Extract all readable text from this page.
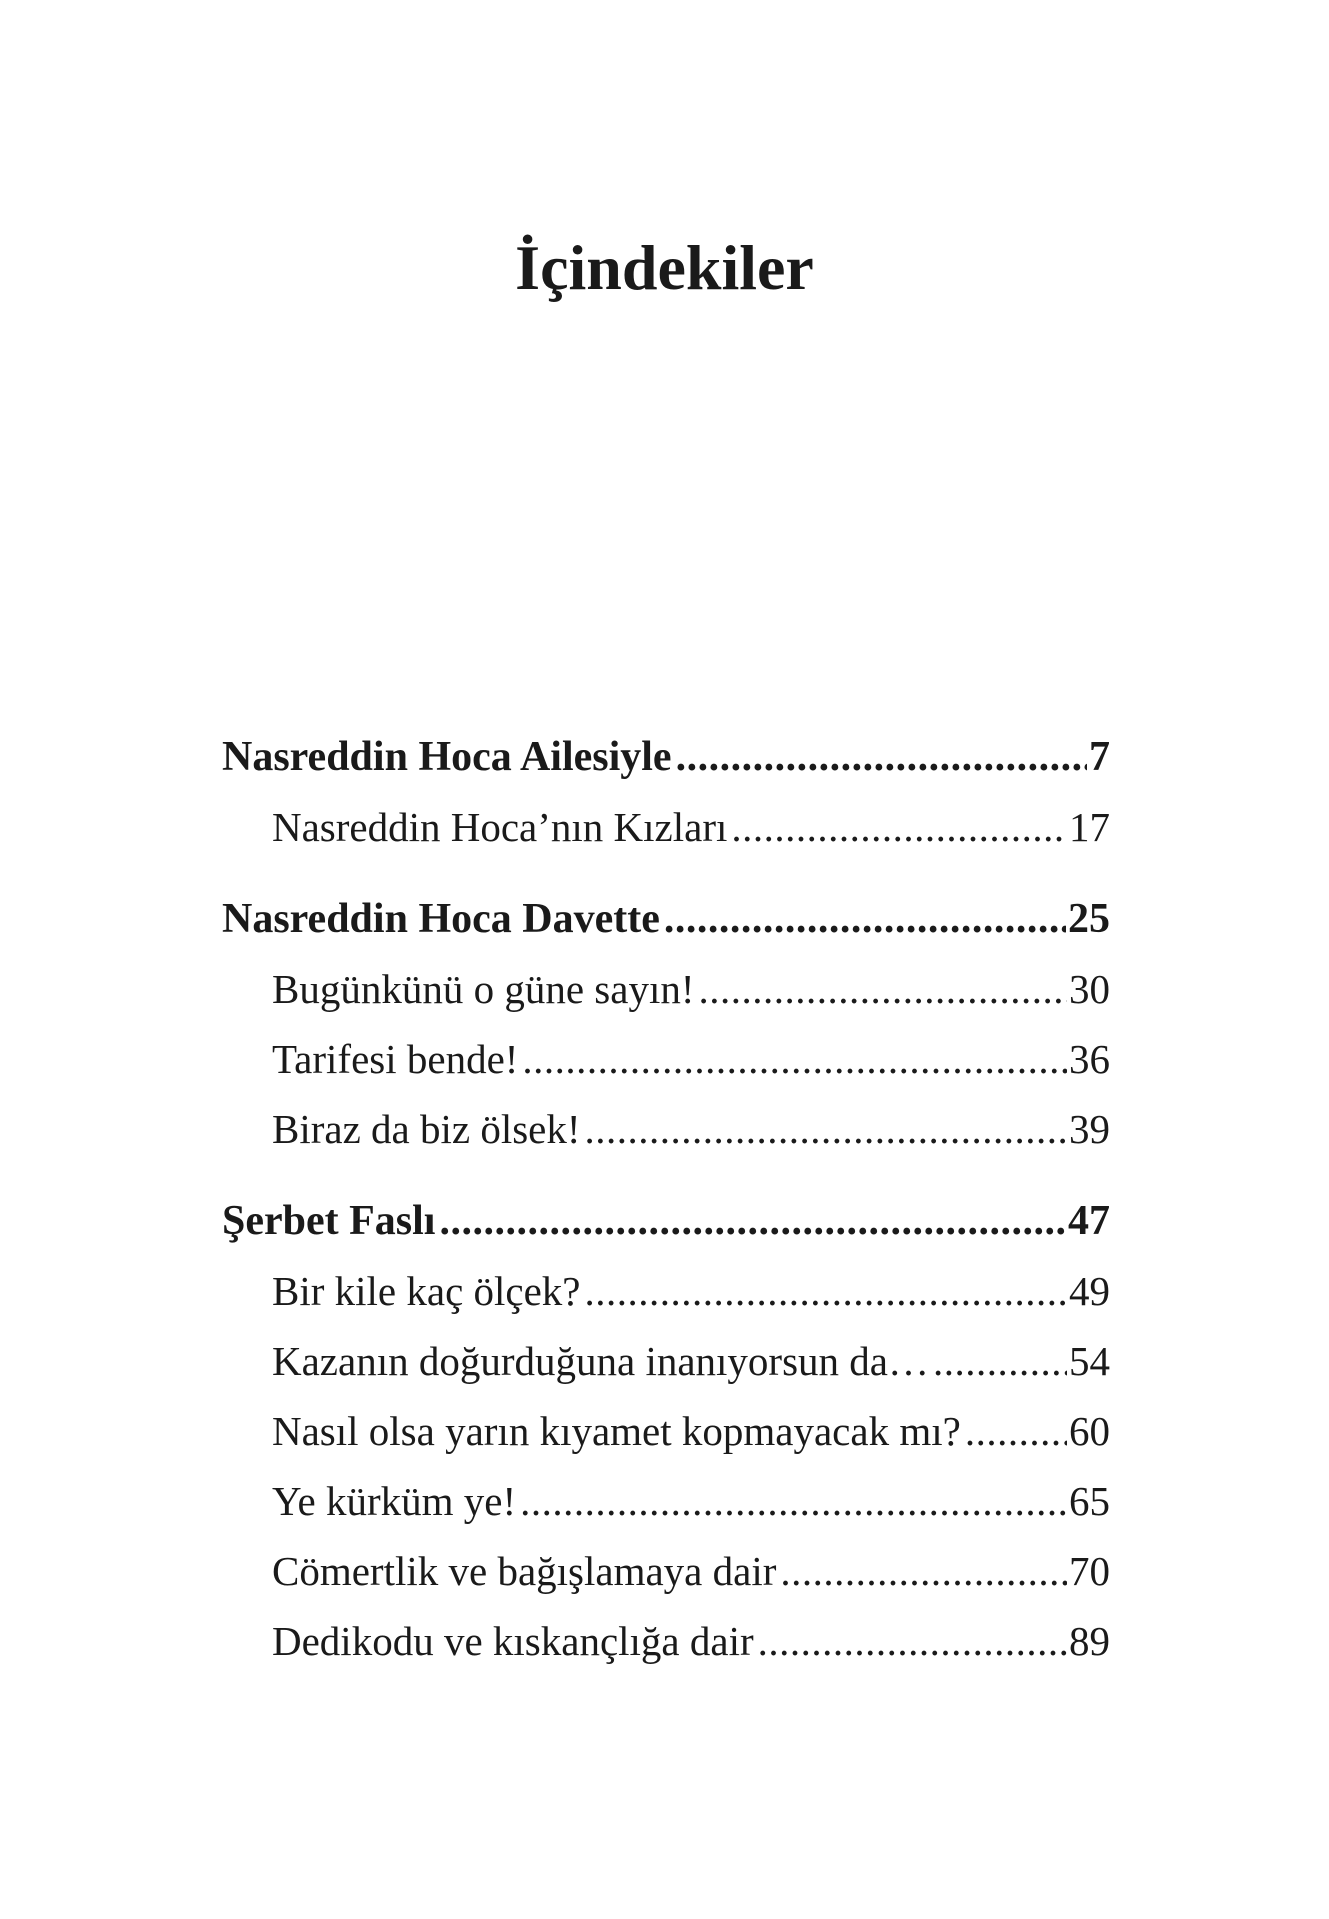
İçindekiler
Nasreddin Hoca Ailesiyle .....	7
Nasreddin Hoca’nın Kızları .....	17
Nasreddin Hoca Davette .....	25
Bugünkünü o güne sayın! .....	30
Tarifesi bende! .....	36
Biraz da biz ölsek! .....	39
Şerbet Faslı .....	47
Bir kile kaç ölçek? .....	49
Kazanın doğurduğuna inanıyorsun da… .....	54
Nasıl olsa yarın kıyamet kopmayacak mı? .....	60
Ye kürküm ye! .....	65
Cömertlik ve bağışlamaya dair .....	70
Dedikodu ve kıskançlığa dair .....	89
